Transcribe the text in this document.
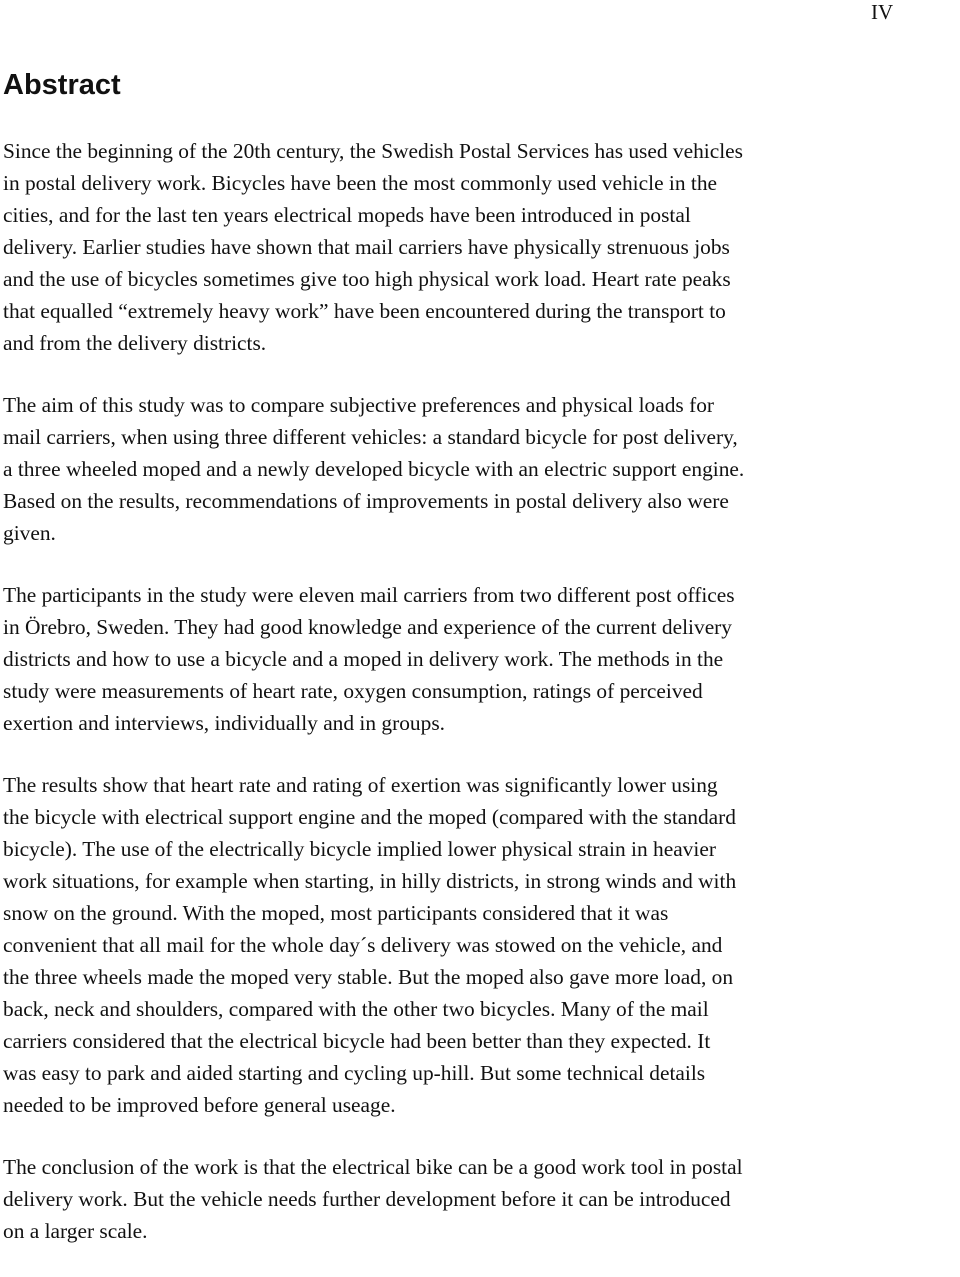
IV
Abstract

Since the beginning of the 20th century, the Swedish Postal Services has used vehicles
in postal delivery work. Bicycles have been the most commonly used vehicle in the
cities, and for the last ten years electrical mopeds have been introduced in postal
delivery. Earlier studies have shown that mail carriers have physically strenuous jobs
and the use of bicycles sometimes give too high physical work load. Heart rate peaks
that equalled “extremely heavy work” have been encountered during the transport to
and from the delivery districts.

The aim of this study was to compare subjective preferences and physical loads for
mail carriers, when using three different vehicles: a standard bicycle for post delivery,
a three wheeled moped and a newly developed bicycle with an electric support engine.
Based on the results, recommendations of improvements in postal delivery also were
given.

The participants in the study were eleven mail carriers from two different post offices
in Örebro, Sweden. They had good knowledge and experience of the current delivery
districts and how to use a bicycle and a moped in delivery work. The methods in the
study were measurements of heart rate, oxygen consumption, ratings of perceived
exertion and interviews, individually and in groups.

The results show that heart rate and rating of exertion was significantly lower using
the bicycle with electrical support engine and the moped (compared with the standard
bicycle). The use of the electrically bicycle implied lower physical strain in heavier
work situations, for example when starting, in hilly districts, in strong winds and with
snow on the ground. With the moped, most participants considered that it was
convenient that all mail for the whole day´s delivery was stowed on the vehicle, and
the three wheels made the moped very stable. But the moped also gave more load, on
back, neck and shoulders, compared with the other two bicycles. Many of the mail
carriers considered that the electrical bicycle had been better than they expected. It
was easy to park and aided starting and cycling up-hill. But some technical details
needed to be improved before general useage.

The conclusion of the work is that the electrical bike can be a good work tool in postal
delivery work. But the vehicle needs further development before it can be introduced
on a larger scale.
